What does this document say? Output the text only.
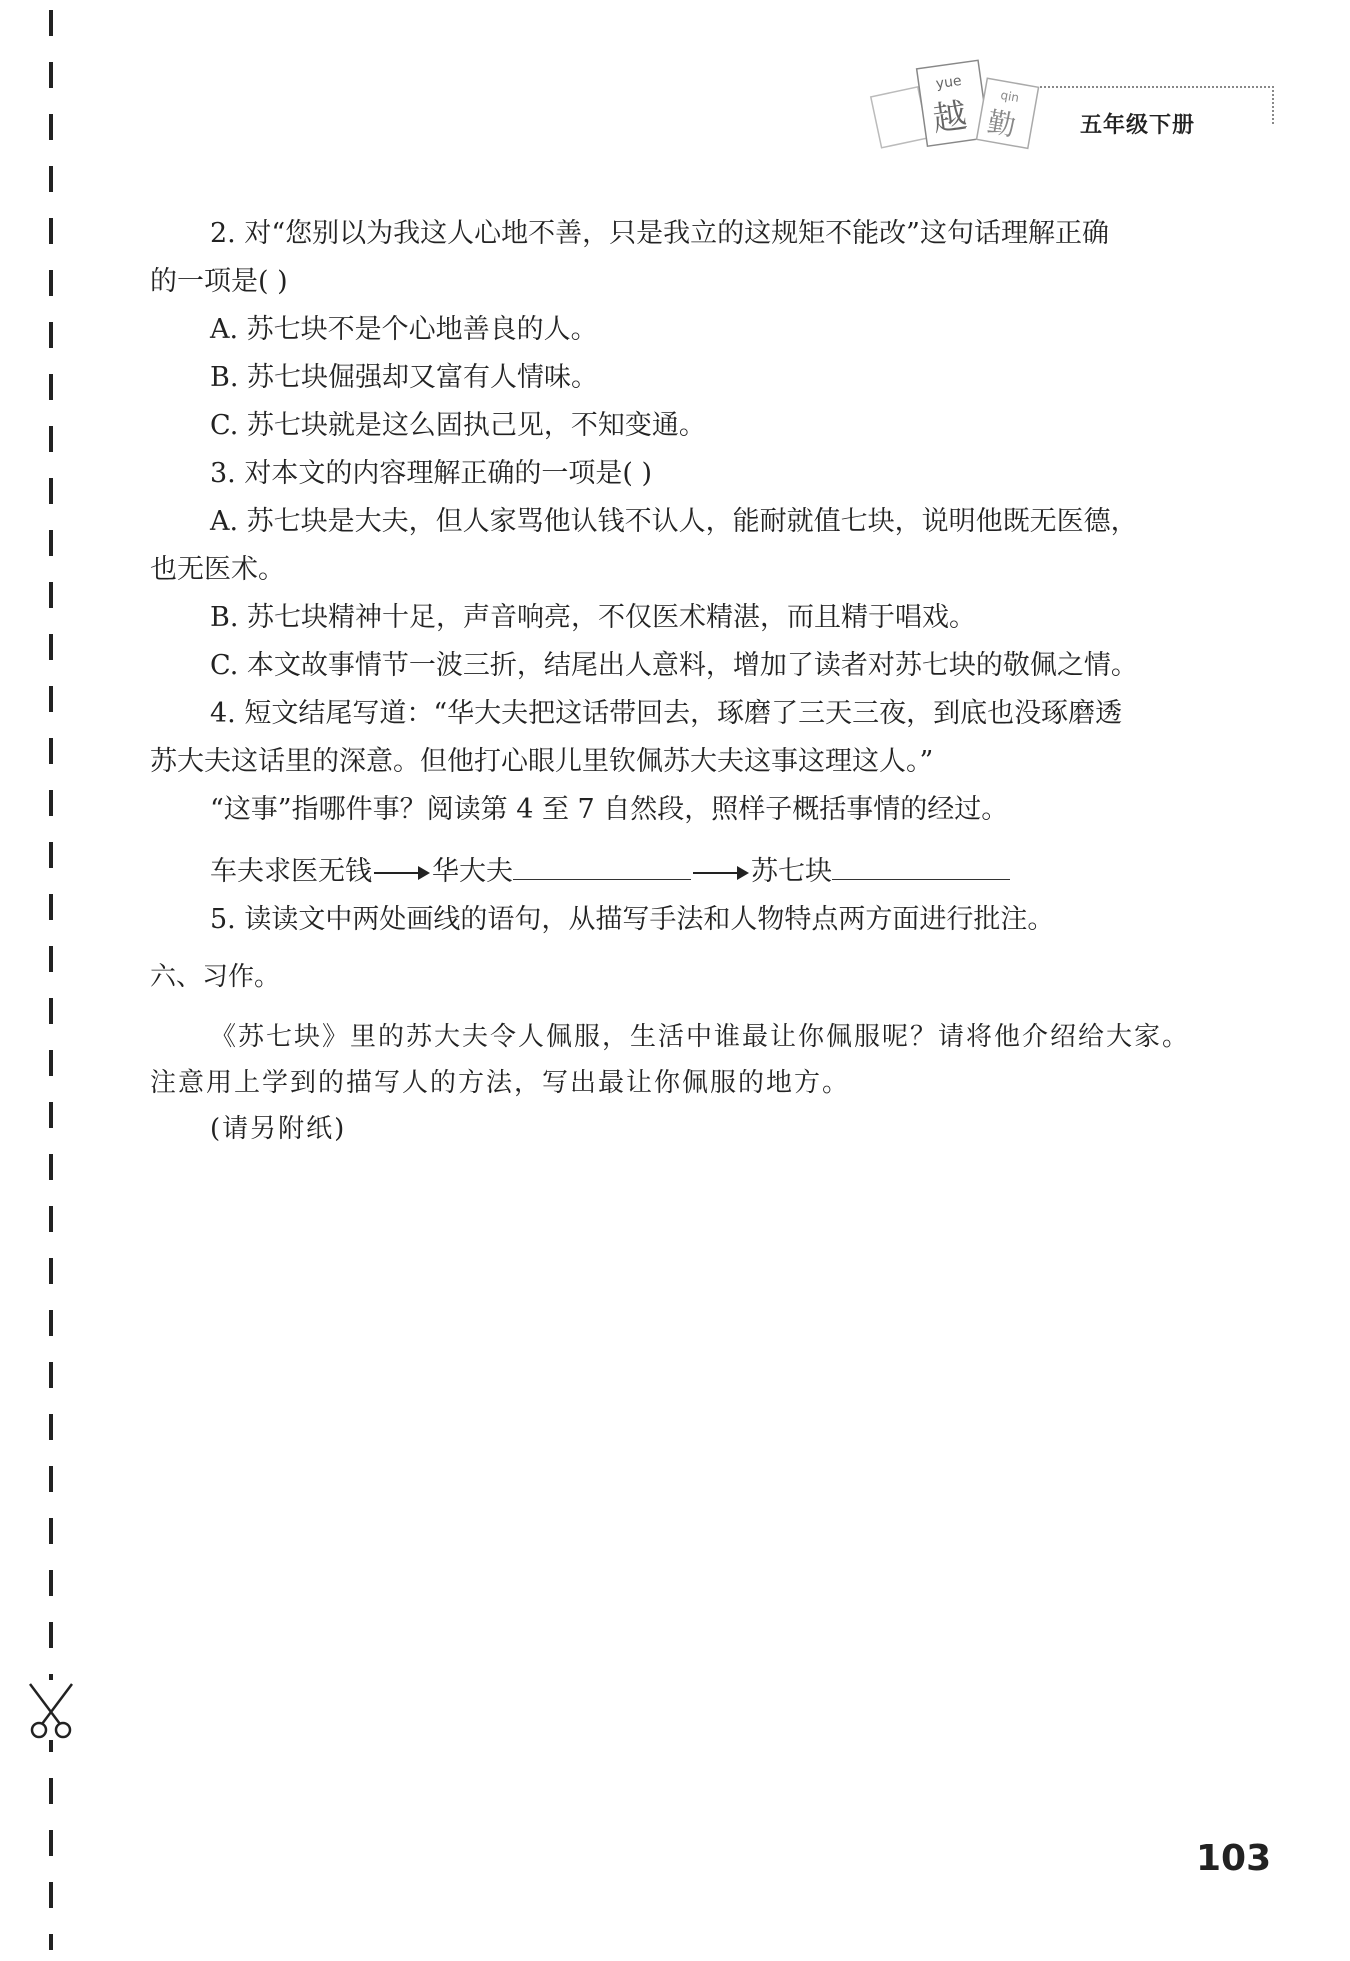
yue
越	qin
勤	五年级下册
2. 对“您别以为我这人心地不善，只是我立的这规矩不能改”这句话理解正确
的一项是( )
A. 苏七块不是个心地善良的人。
B. 苏七块倔强却又富有人情味。
C. 苏七块就是这么固执己见，不知变通。
3. 对本文的内容理解正确的一项是( )
A. 苏七块是大夫，但人家骂他认钱不认人，能耐就值七块，说明他既无医德，
也无医术。
B. 苏七块精神十足，声音响亮，不仅医术精湛，而且精于唱戏。
C. 本文故事情节一波三折，结尾出人意料，增加了读者对苏七块的敬佩之情。
4. 短文结尾写道：“华大夫把这话带回去，琢磨了三天三夜，到底也没琢磨透
苏大夫这话里的深意。但他打心眼儿里钦佩苏大夫这事这理这人。”
“这事”指哪件事？阅读第 4 至 7 自然段，照样子概括事情的经过。
车夫求医无钱 华大夫	苏七块
5. 读读文中两处画线的语句，从描写手法和人物特点两方面进行批注。
六、习作。
《苏七块》里的苏大夫令人佩服，生活中谁最让你佩服呢？请将他介绍给大家。
注意用上学到的描写人的方法，写出最让你佩服的地方。
(请另附纸)
103
